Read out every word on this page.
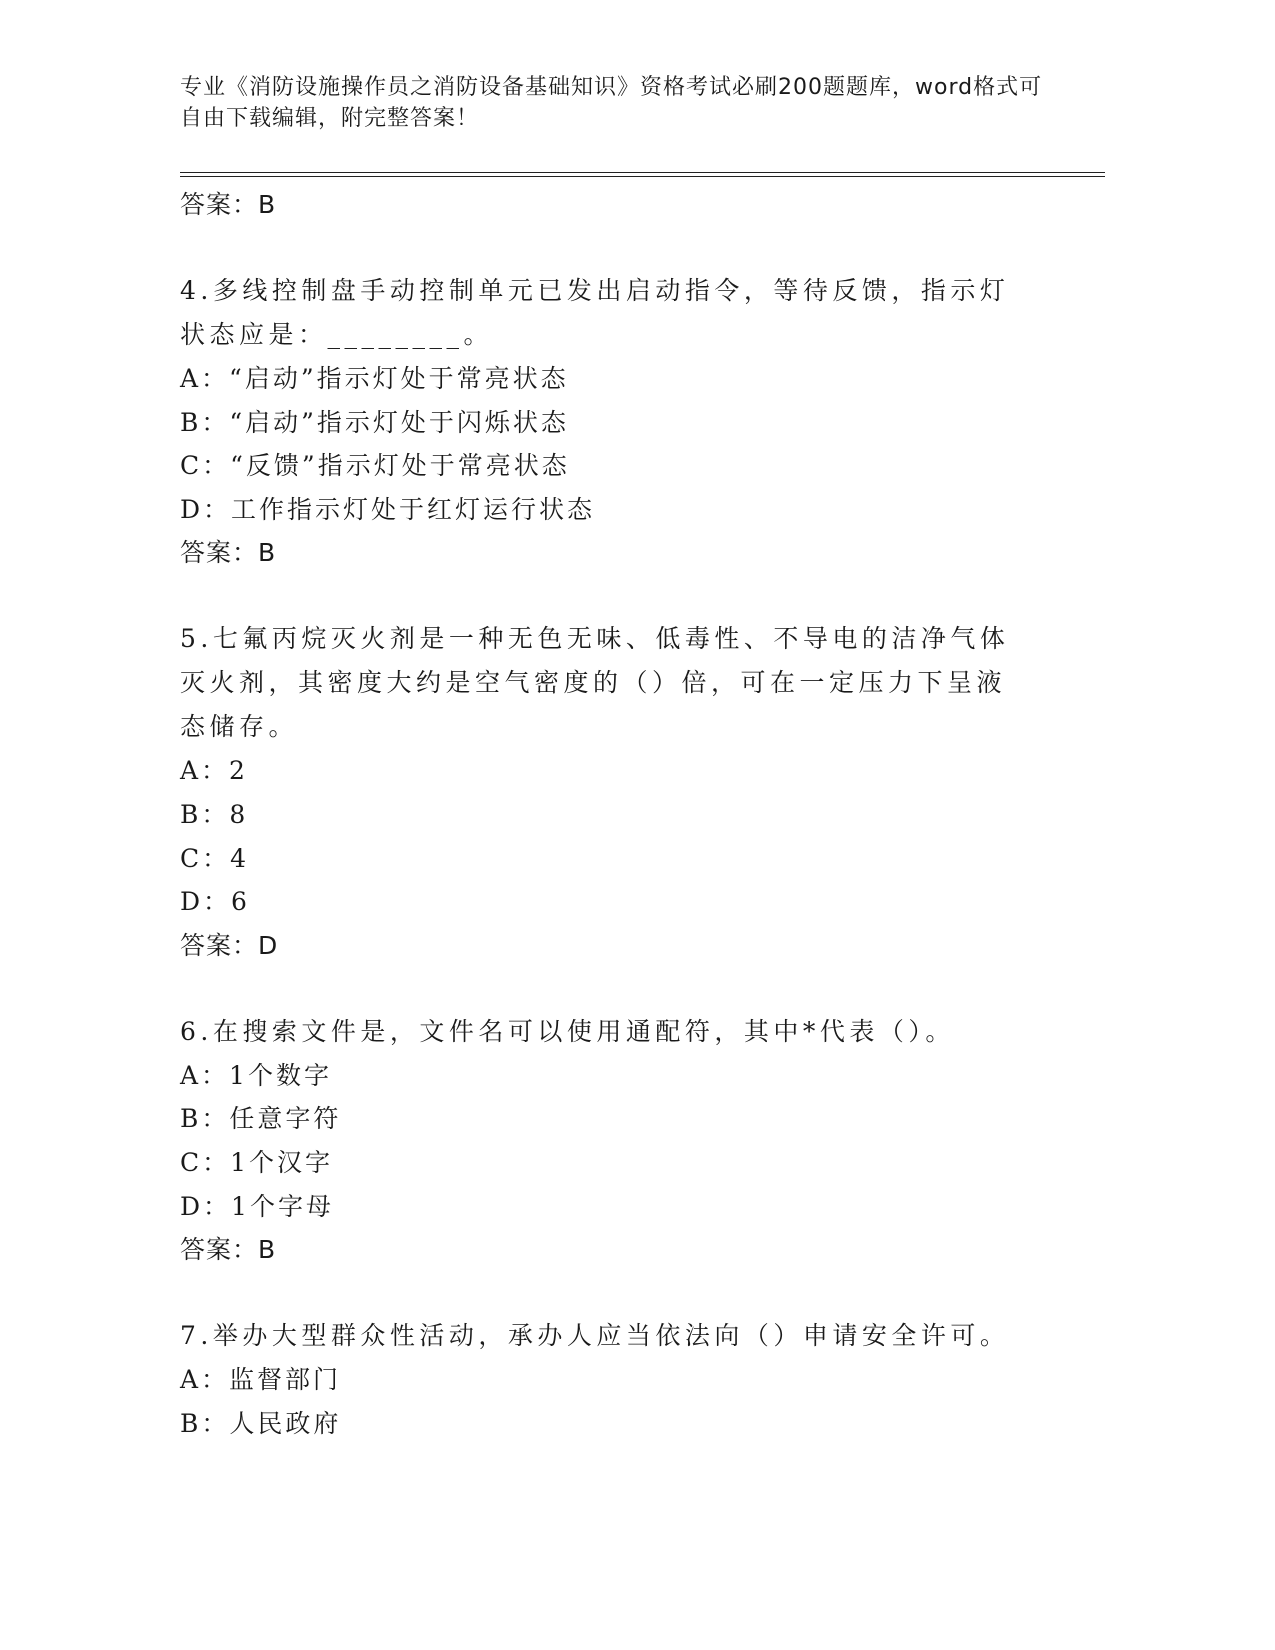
专业《消防设施操作员之消防设备基础知识》资格考试必刷200题题库，word格式可自由下载编辑，附完整答案！
答案：B
4.多线控制盘手动控制单元已发出启动指令，等待反馈，指示灯状态应是：________。
A：“启动”指示灯处于常亮状态
B：“启动”指示灯处于闪烁状态
C：“反馈”指示灯处于常亮状态
D：工作指示灯处于红灯运行状态
答案：B
5.七氟丙烷灭火剂是一种无色无味、低毒性、不导电的洁净气体灭火剂，其密度大约是空气密度的（）倍，可在一定压力下呈液态储存。
A：2
B：8
C：4
D：6
答案：D
6.在搜索文件是，文件名可以使用通配符，其中*代表（）。
A：1个数字
B：任意字符
C：1个汉字
D：1个字母
答案：B
7.举办大型群众性活动，承办人应当依法向（）申请安全许可。
A：监督部门
B：人民政府
